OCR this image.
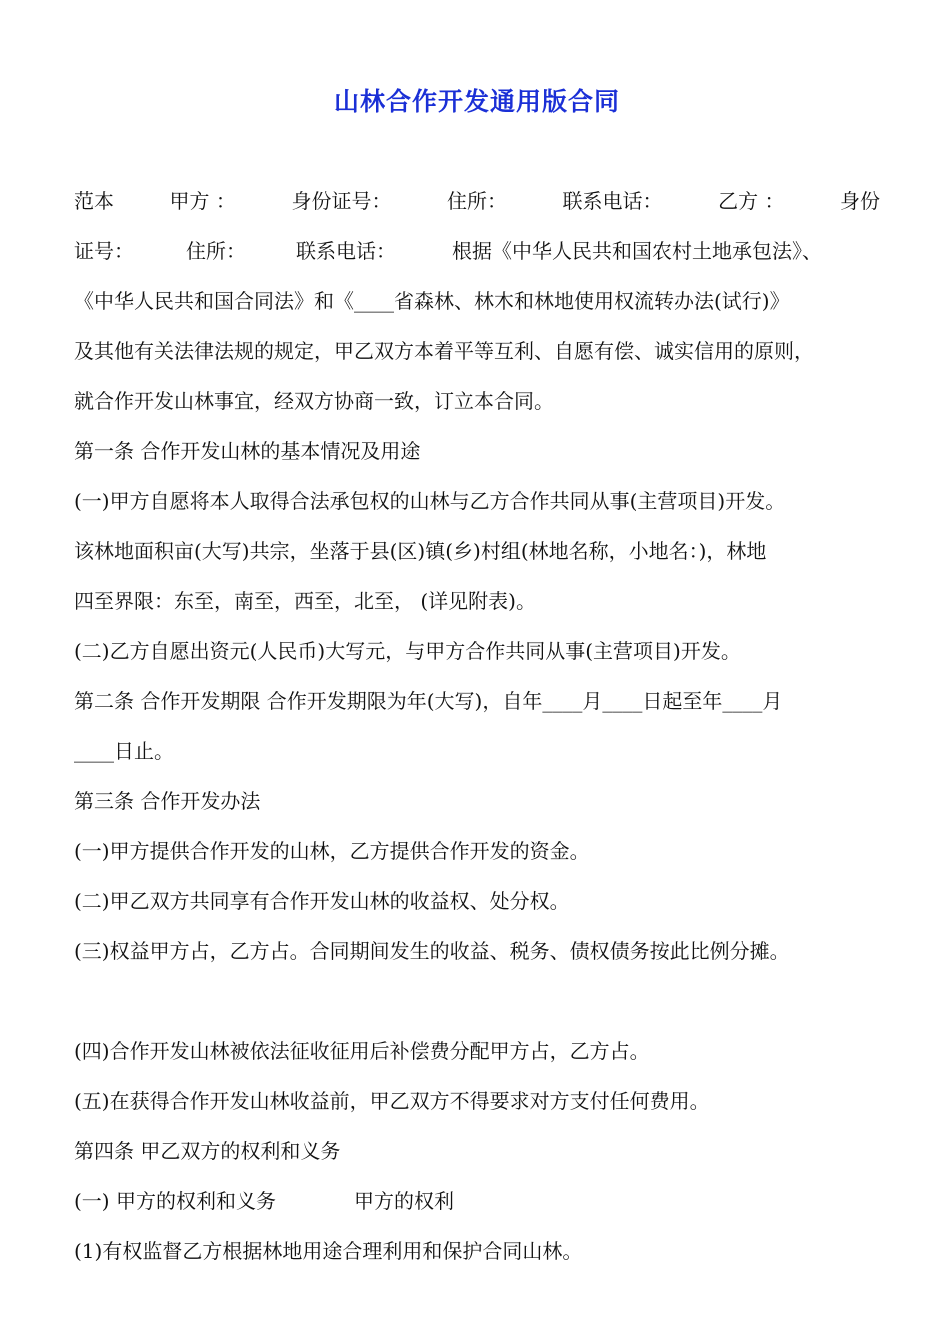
山林合作开发通用版合同
范本	甲方 ：	身份证号：	住所：	联系电话：	乙方 ：	身份
证号：	住所：	联系电话：	根据《中华人民共和国农村土地承包法》、
《中华人民共和国合同法》和《____省森林、林木和林地使用权流转办法(试行)》
及其他有关法律法规的规定，甲乙双方本着平等互利、自愿有偿、诚实信用的原则，
就合作开发山林事宜，经双方协商一致，订立本合同。
第一条 合作开发山林的基本情况及用途
(一)甲方自愿将本人取得合法承包权的山林与乙方合作共同从事(主营项目)开发。
该林地面积亩(大写)共宗，坐落于县(区)镇(乡)村组(林地名称，小地名：)，林地
四至界限：东至，南至，西至，北至， (详见附表)。
(二)乙方自愿出资元(人民币)大写元，与甲方合作共同从事(主营项目)开发。
第二条 合作开发期限 合作开发期限为年(大写)，自年____月____日起至年____月
____日止。
第三条 合作开发办法
(一)甲方提供合作开发的山林，乙方提供合作开发的资金。
(二)甲乙双方共同享有合作开发山林的收益权、处分权。
(三)权益甲方占，乙方占。合同期间发生的收益、税务、债权债务按此比例分摊。
(四)合作开发山林被依法征收征用后补偿费分配甲方占，乙方占。
(五)在获得合作开发山林收益前，甲乙双方不得要求对方支付任何费用。
第四条 甲乙双方的权利和义务
(一) 甲方的权利和义务	甲方的权利
(1)有权监督乙方根据林地用途合理利用和保护合同山林。
